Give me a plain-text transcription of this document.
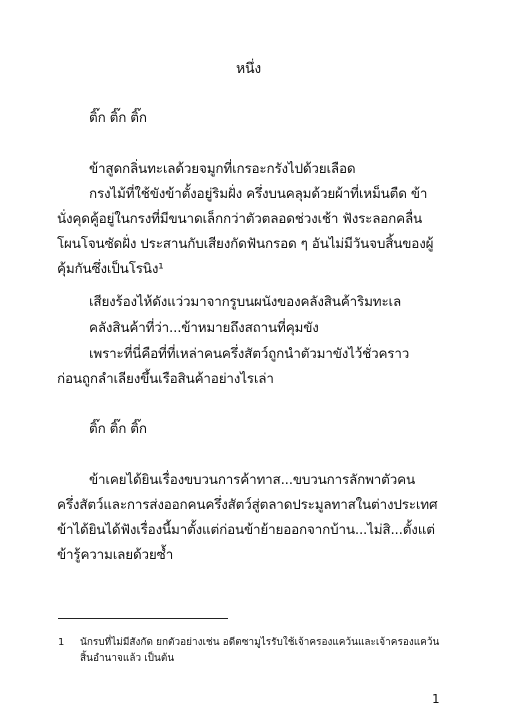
หนึ่ง
ติ๊ก ติ๊ก ติ๊ก
ข้าสูดกลิ่นทะเลด้วยจมูกที่เกรอะกรังไปด้วยเลือด
กรงไม้ที่ใช้ขังข้าตั้งอยู่ริมฝั่ง ครึ่งบนคลุมด้วยผ้าที่เหม็นตืด ข้า
นั่งคุดคู้อยู่ในกรงที่มีขนาดเล็กกว่าตัวตลอดช่วงเช้า ฟังระลอกคลื่น
โผนโจนซัดฝั่ง ประสานกับเสียงกัดฟันกรอด ๆ อันไม่มีวันจบสิ้นของผู้
คุ้มกันซึ่งเป็นโรนิง¹
เสียงร้องไห้ดังแว่วมาจากรูบนผนังของคลังสินค้าริมทะเล
คลังสินค้าที่ว่า...ข้าหมายถึงสถานที่คุมขัง
เพราะที่นี่คือที่ที่เหล่าคนครึ่งสัตว์ถูกนำตัวมาขังไว้ชั่วคราว
ก่อนถูกลำเลียงขึ้นเรือสินค้าอย่างไรเล่า
ติ๊ก ติ๊ก ติ๊ก
ข้าเคยได้ยินเรื่องขบวนการค้าทาส...ขบวนการลักพาตัวคน
ครึ่งสัตว์และการส่งออกคนครึ่งสัตว์สู่ตลาดประมูลทาสในต่างประเทศ
ข้าได้ยินได้ฟังเรื่องนี้มาตั้งแต่ก่อนข้าย้ายออกจากบ้าน...ไม่สิ...ตั้งแต่
ข้ารู้ความเลยด้วยซ้ำ
1 นักรบที่ไม่มีสังกัด ยกตัวอย่างเช่น อดีตซามูไรรับใช้เจ้าครองแคว้นและเจ้าครองแคว้น
สิ้นอำนาจแล้ว เป็นต้น
1
